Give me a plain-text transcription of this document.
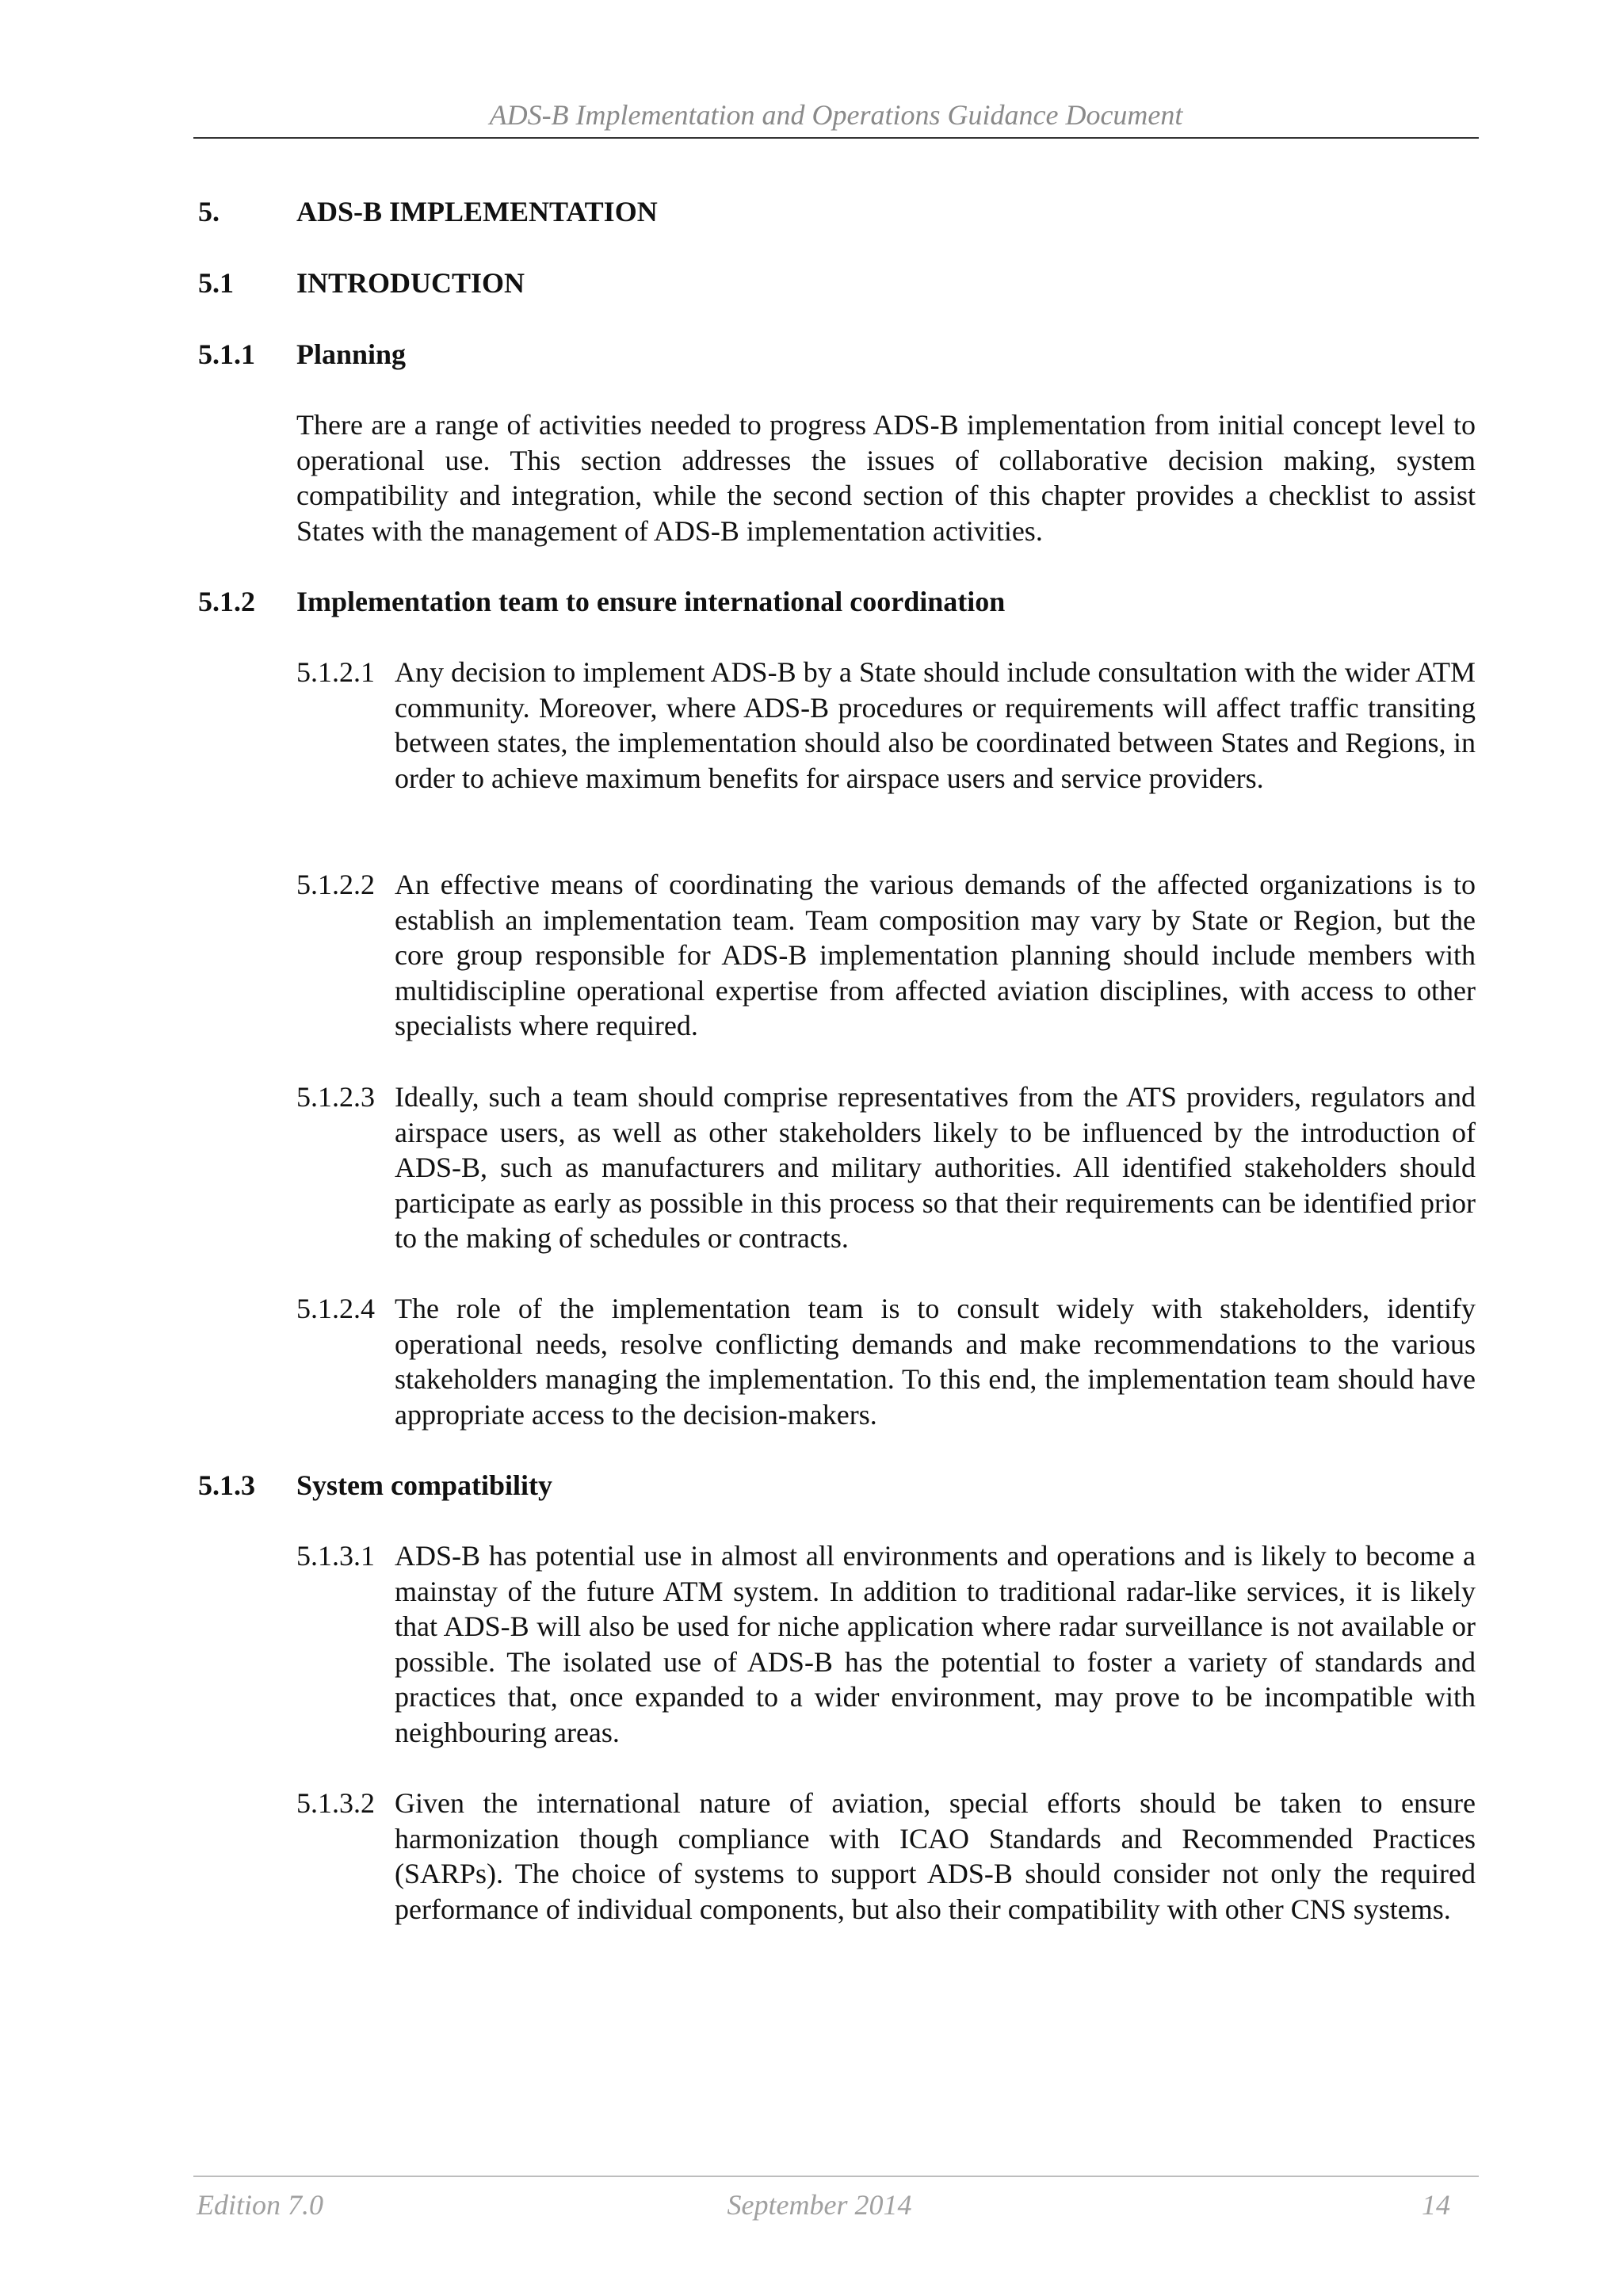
ADS-B Implementation and Operations Guidance Document
5.	ADS-B IMPLEMENTATION
5.1 INTRODUCTION
5.1.1 Planning
There are a range of activities needed to progress ADS-B implementation from initial concept level to operational use. This section addresses the issues of collaborative decision making, system compatibility and integration, while the second section of this chapter provides a checklist to assist States with the management of ADS-B implementation activities.
5.1.2 Implementation team to ensure international coordination
5.1.2.1 Any decision to implement ADS-B by a State should include consultation with the wider ATM community. Moreover, where ADS-B procedures or requirements will affect traffic transiting between states, the implementation should also be coordinated between States and Regions, in order to achieve maximum benefits for airspace users and service providers.
5.1.2.2 An effective means of coordinating the various demands of the affected organizations is to establish an implementation team. Team composition may vary by State or Region, but the core group responsible for ADS-B implementation planning should include members with multidiscipline operational expertise from affected aviation disciplines, with access to other specialists where required.
5.1.2.3 Ideally, such a team should comprise representatives from the ATS providers, regulators and airspace users, as well as other stakeholders likely to be influenced by the introduction of ADS-B, such as manufacturers and military authorities. All identified stakeholders should participate as early as possible in this process so that their requirements can be identified prior to the making of schedules or contracts.
5.1.2.4 The role of the implementation team is to consult widely with stakeholders, identify operational needs, resolve conflicting demands and make recommendations to the various stakeholders managing the implementation. To this end, the implementation team should have appropriate access to the decision-makers.
5.1.3 System compatibility
5.1.3.1 ADS-B has potential use in almost all environments and operations and is likely to become a mainstay of the future ATM system. In addition to traditional radar-like services, it is likely that ADS-B will also be used for niche application where radar surveillance is not available or possible. The isolated use of ADS-B has the potential to foster a variety of standards and practices that, once expanded to a wider environment, may prove to be incompatible with neighbouring areas.
5.1.3.2 Given the international nature of aviation, special efforts should be taken to ensure harmonization though compliance with ICAO Standards and Recommended Practices (SARPs). The choice of systems to support ADS-B should consider not only the required performance of individual components, but also their compatibility with other CNS systems.
Edition 7.0	September 2014	14
